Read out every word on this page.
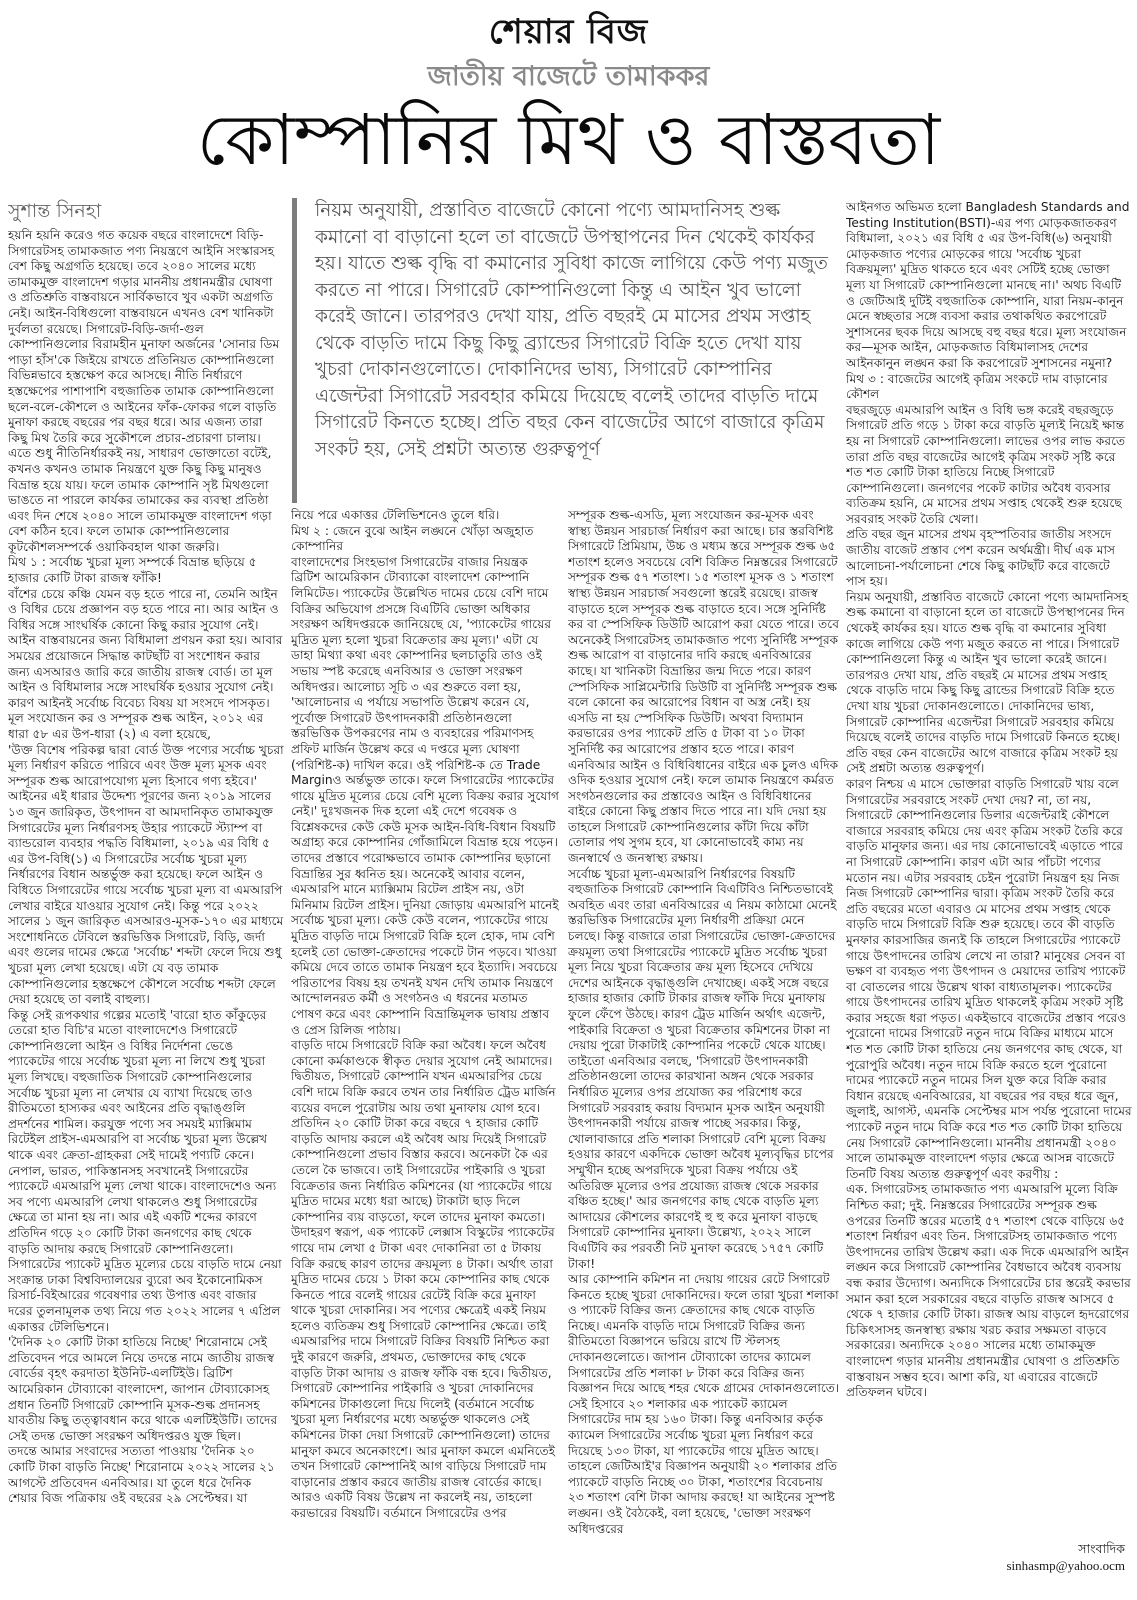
শেয়ার বিজ
জাতীয় বাজেটে তামাককর
কোম্পানির মিথ ও বাস্তবতা

সুশান্ত সিনহা

হয়নি হয়নি করেও গত কয়েক বছরে বাংলাদেশে বিড়ি-সিগারেটসহ তামাকজাত পণ্য নিয়ন্ত্রণে আইনি সংস্কারসহ বেশ কিছু অগ্রগতি হয়েছে। তবে ২০৪০ সালের মধ্যে তামাকমুক্ত বাংলাদেশ গড়ার মাননীয় প্রধানমন্ত্রীর ঘোষণা ও প্রতিশ্রুতি বাস্তবায়নে সার্বিকভাবে খুব একটা অগ্রগতি নেই। আইন-বিধিগুলো বাস্তবায়নে এখনও বেশ খানিকটা দুর্বলতা রয়েছে। সিগারেট-বিড়ি-জর্দা-গুল কোম্পানিগুলোর বিরামহীন মুনাফা অর্জনের 'সোনার ডিম পাড়া হাঁস'কে জিইয়ে রাখতে প্রতিনিয়ত কোম্পানিগুলো বিভিন্নভাবে হস্তক্ষেপ করে আসছে। নীতি নির্ধারণে হস্তক্ষেপের পাশাপাশি বহুজাতিক তামাক কোম্পানিগুলো ছলে-বলে-কৌশলে ও আইনের ফাঁক-ফোকর গলে বাড়তি মুনাফা করছে বছরের পর বছর ধরে। আর এজন্য তারা কিছু মিথ তৈরি করে সুকৌশলে প্রচার-প্রচারণা চালায়। এতে শুধু নীতিনির্ধারকই নয়, সাধারণ ভোক্তাতো বটেই, কখনও কখনও তামাক নিয়ন্ত্রণে যুক্ত কিছু কিছু মানুষও বিভ্রান্ত হয়ে যায়। ফলে তামাক কোম্পানি সৃষ্ট মিথগুলো ভাঙতে না পারলে কার্যকর তামাকের কর ব্যবস্থা প্রতিষ্ঠা এবং দিন শেষে ২০৪০ সালে তামাকমুক্ত বাংলাদেশ গড়া বেশ কঠিন হবে। ফলে তামাক কোম্পানিগুলোর কূটকৌশলসম্পর্কে ওয়াকিবহাল থাকা জরুরি।

মিথ ১ : সর্বোচ্চ খুচরা মূল্য সম্পর্কে বিভ্রান্ত ছড়িয়ে ৫ হাজার কোটি টাকা রাজস্ব ফাঁকি!

বাঁশের চেয়ে কঞ্চি যেমন বড় হতে পারে না, তেমনি আইন ও বিধির চেয়ে প্রজ্ঞাপন বড় হতে পারে না। আর আইন ও বিধির সঙ্গে সাংঘর্ষিক কোনো কিছু করার সুযোগ নেই। আইন বাস্তবায়নের জন্য বিধিমালা প্রণয়ন করা হয়। আবার সময়ের প্রয়োজনে সিদ্ধান্ত কাটছাঁট বা সংশোধন করার জন্য এসআরও জারি করে জাতীয় রাজস্ব বোর্ড। তা মূল আইন ও বিধিমালার সঙ্গে সাংঘর্ষিক হওয়ার সুযোগ নেই। কারণ আইনই সর্বোচ্চ বিবেচ্য বিষয় যা সংসদে পাসকৃত। মূল সংযোজন কর ও সম্পূরক শুল্ক আইন, ২০১২ এর ধারা ৫৮ এর উপ-ধারা (২) এ বলা হয়েছে,

'উক্ত বিশেষ পরিকল্প দ্বারা বোর্ড উক্ত পণ্যের সর্বোচ্চ খুচরা মূল্য নির্ধারণ করিতে পারিবে এবং উক্ত মূল্য মূসক এবং সম্পূরক শুল্ক আরোপযোগ্য মূল্য হিসাবে গণ্য হইবে।'

আইনের এই ধারার উদ্দেশ্য পূরণের জন্য ২০১৯ সালের ১৩ জুন জারিকৃত, উৎপাদন বা আমদানিকৃত তামাকযুক্ত সিগারেটের মূল্য নির্ধারণসহ উহার প্যাকেটে স্ট্যাম্প বা ব্যান্ডরোল ব্যবহার পদ্ধতি বিধিমালা, ২০১৯ এর বিধি ৫ এর উপ-বিধি(১) এ সিগারেটের সর্বোচ্চ খুচরা মূল্য নির্ধারণের বিধান অন্তর্ভুক্ত করা হয়েছে। ফলে আইন ও বিধিতে সিগারেটের গায়ে সর্বোচ্চ খুচরা মূল্য বা এমআরপি লেখার বাইরে যাওয়ার সুযোগ নেই। কিন্তু পরে ২০২২ সালের ১ জুন জারিকৃত এসআরও-মূসক-১৭০ এর মাধ্যমে সংশোধনিতে টেবিলে স্তরভিত্তিক সিগারেট, বিড়ি, জর্দা এবং গুলের দামের ক্ষেত্রে 'সর্বোচ্চ' শব্দটা ফেলে দিয়ে শুধু খুচরা মূল্য লেখা হয়েছে। এটা যে বড় তামাক কোম্পানিগুলোর হস্তক্ষেপে কৌশলে সর্বোচ্চ শব্দটা ফেলে দেয়া হয়েছে তা বলাই বাহুল্য।

কিন্তু সেই রূপকথার গল্পের মতোই 'বারো হাত কাঁকুড়ের তেরো হাত বিচি'র মতো বাংলাদেশেও সিগারেটে কোম্পানিগুলো আইন ও বিধির নির্দেশনা ভেঙে প্যাকেটের গায়ে সর্বোচ্চ খুচরা মূল্য না লিখে শুধু খুচরা মূল্য লিখছে। বহুজাতিক সিগারেট কোম্পানিগুলোর সর্বোচ্চ খুচরা মূল্য না লেখার যে ব্যাখা দিয়েছে তাও রীতিমতো হাস্যকর এবং আইনের প্রতি বৃদ্ধাঙ্গুলি প্রদর্শনের শামিল। করযুক্ত পণ্যে সব সময়ই ম্যাক্সিমাম রিটেইল প্রাইস-এমআরপি বা সর্বোচ্চ খুচরা মূল্য উল্লেখ থাকে এবং ক্রেতা-গ্রাহকরা সেই দামেই পণ্যটি কেনে। নেপাল, ভারত, পাকিস্তানসহ সবখানেই সিগারেটের প্যাকেটে এমআরপি মূল্য লেখা থাকে। বাংলাদেশেও অন্য সব পণ্যে এমআরপি লেখা থাকলেও শুধু সিগারেটের ক্ষেত্রে তা মানা হয় না। আর এই একটি শব্দের কারণে প্রতিদিন গড়ে ২০ কোটি টাকা জনগণের কাছ থেকে বাড়তি আদায় করছে সিগারেট কোম্পানিগুলো। সিগারেটের প্যাকেট মুদ্রিত মূল্যের চেয়ে বাড়তি দামে নেয়া সংক্রান্ত ঢাকা বিশ্ববিদ্যালয়ের ব্যুরো অব ইকোনোমিকস রিসার্চ-বিইআরের গবেষণার তথ্য উপাত্ত এবং বাজার দরের তুলনামূলক তথ্য নিয়ে গত ২০২২ সালের ৭ এপ্রিল একাত্তর টেলিভিশনে।

'দৈনিক ২০ কোটি টাকা হাতিয়ে নিচ্ছে' শিরোনামে সেই প্রতিবেদন পরে আমলে নিয়ে তদন্তে নামে জাতীয় রাজস্ব বোর্ডের বৃহৎ করদাতা ইউনিট-এলটিইউ। ব্রিটিশ আমেরিকান টোব্যাকো বাংলাদেশ, জাপান টোব্যাকোসহ প্রধান তিনটি সিগারেট কোম্পানি মূসক-শুল্ক প্রদানসহ যাবতীয় কিছু তত্ত্বাবধান করে থাকে এলটিইউটি। তাদের সেই তদন্ত ভোক্তা সংরক্ষণ অধিদপ্তরও যুক্ত ছিল।

তদন্তে আমার সংবাদের সত্যতা পাওয়ায় 'দৈনিক ২০ কোটি টাকা বাড়তি নিচ্ছে' শিরোনামে ২০২২ সালের ২১ আগস্টে প্রতিবেদন এনবিআর। যা তুলে ধরে দৈনিক শেয়ার বিজ পত্রিকায় ওই বছরের ২৯ সেপ্টেম্বর। যা

নিয়ম অনুযায়ী, প্রস্তাবিত বাজেটে কোনো পণ্যে আমদানিসহ শুল্ক কমানো বা বাড়ানো হলে তা বাজেটে উপস্থাপনের দিন থেকেই কার্যকর হয়। যাতে শুল্ক বৃদ্ধি বা কমানোর সুবিধা কাজে লাগিয়ে কেউ পণ্য মজুত করতে না পারে। সিগারেট কোম্পানিগুলো কিন্তু এ আইন খুব ভালো করেই জানে। তারপরও দেখা যায়, প্রতি বছরই মে মাসের প্রথম সপ্তাহ থেকে বাড়তি দামে কিছু কিছু ব্র্যান্ডের সিগারেট বিক্রি হতে দেখা যায় খুচরা দোকানগুলোতে। দোকানিদের ভাষ্য, সিগারেট কোম্পানির এজেন্টরা সিগারেট সরবহার কমিয়ে দিয়েছে বলেই তাদের বাড়তি দামে সিগারেট কিনতে হচ্ছে। প্রতি বছর কেন বাজেটের আগে বাজারে কৃত্রিম সংকট হয়, সেই প্রশ্নটা অত্যন্ত গুরুত্বপূর্ণ

নিয়ে পরে একাত্তর টেলিভিশনেও তুলে ধরি।

মিথ ২ : জেনে বুঝে আইন লঙ্ঘনে খোঁড়া অজুহাত কোম্পানির

বাংলাদেশের সিংহভাগ সিগারেটের বাজার নিয়ন্ত্রক ব্রিটিশ আমেরিকান টোব্যাকো বাংলাদেশ কোম্পানি লিমিটেড। প্যাকেটের উল্লেখিত দামের চেয়ে বেশি দামে বিক্রির অভিযোগ প্রসঙ্গে বিএটিবি ভোক্তা অধিকার সংরক্ষণ অধিদপ্তরকে জানিয়েছে যে, 'প্যাকেটের গায়ের মুদ্রিত মূল্য হলো খুচরা বিক্রেতার ক্রয় মূল্য।' এটা যে ডাহা মিথ্যা কথা এবং কোম্পানির ছলচাতুরি তাও ওই সভায় স্পষ্ট করেছে এনবিআর ও ভোক্তা সংরক্ষণ অধিদপ্তর। আলোচ্য সূচি ৩ এর শুরুতে বলা হয়, 'আলোচনার এ পর্যায়ে সভাপতি উল্লেখ করেন যে, পূর্বোক্ত সিগারেট উৎপাদনকারী প্রতিষ্ঠানগুলো স্তরভিত্তিক উপকরণের নাম ও ব্যবহারের পরিমাণসহ প্রফিট মার্জিন উল্লেখ করে এ দপ্তরে মূল্য ঘোষণা (পরিশিষ্ট-ক) দাখিল করে। ওই পরিশিষ্ট-ক তে Trade Marginও অর্ন্তভুক্ত তাকে। ফলে সিগারেটের প্যাকেটের গায়ে মুদ্রিত মূল্যের চেয়ে বেশি মূল্যে বিক্রয় করার সুযোগ নেই।' দুঃখজনক দিক হলো এই দেশে গবেষক ও বিশ্লেষকদের কেউ কেউ মূসক আইন-বিধি-বিধান বিষয়টি অগ্রাহ্য করে কোম্পানির গোঁজামিলে বিভ্রান্ত হয়ে পড়েন। তাদের প্রস্তাবে পরোক্ষভাবে তামাক কোম্পানির ছড়ানো বিভ্রান্তির সুর ধ্বনিত হয়। অনেকেই আবার বলেন, এমআরপি মানে ম্যাক্সিমাম রিটেল প্রাইস নয়, ওটা মিনিমাম রিটেল প্রাইস। দুনিয়া জোড়ায় এমআরপি মানেই সর্বোচ্চ খুচরা মূল্য। কেউ কেউ বলেন, প্যাকেটের গায়ে মুদ্রিত বাড়তি দামে সিগারেট বিক্রি হলে হোক, দাম বেশি হলেই তো ভোক্তা-ক্রেতাদের পকেটে টান পড়বে। খাওয়া কমিয়ে দেবে তাতে তামাক নিয়ন্ত্রণ হবে ইত্যাদি। সবচেয়ে পরিতাপের বিষয় হয় তখনই যখন দেখি তামাক নিয়ন্ত্রণে আন্দোলনরত কর্মী ও সংগঠনও এ ধরনের মতামত পোষণ করে এবং কোম্পানি বিভ্রান্তিমূলক ভাষায় প্রস্তাব ও প্রেস রিলিজ পাঠায়।

বাড়তি দামে সিগারেটে বিক্রি করা অবৈধ। ফলে অবৈধ কোনো কর্মকাণ্ডকে স্বীকৃত দেয়ার সুযোগ নেই আমাদের। দ্বিতীয়ত, সিগারেট কোম্পানি যখন এমআরপির চেয়ে বেশি দামে বিক্রি করবে তখন তার নির্ধারিত ট্রেড মার্জিন ব্যয়ের বদলে পুরোটায় আয় তথা মুনাফায় যোগ হবে। প্রতিদিন ২০ কোটি টাকা করে বছরে ৭ হাজার কোটি বাড়তি আদায় করলে এই অবৈধ আয় দিয়েই সিগারেট কোম্পানিগুলো প্রভাব বিস্তার করবে। অনেকটা কৈ এর তেলে কৈ ভাজবে। তাই সিগারেটের পাইকারি ও খুচরা বিক্রেতার জন্য নির্ধারিত কমিশনের (যা প্যাকেটের গায়ে মুদ্রিত দামের মধ্যে ধরা আছে) টাকাটা ছাড় দিলে কোম্পানির ব্যয় বাড়তো, ফলে তাদের মুনাফা কমতো। উদাহরণ স্বরূপ, এক প্যাকেট লেক্সাস বিস্কুটের প্যাকেটের গায়ে দাম লেখা ৫ টাকা এবং দোকানিরা তা ৫ টাকায় বিক্রি করছে কারণ তাদের ক্রয়মূল্য ৪ টাকা। অর্থাৎ তারা মুদ্রিত দামের চেয়ে ১ টাকা কমে কোম্পানির কাছ থেকে কিনতে পারে বলেই গায়ের রেটেই বিক্রি করে মুনাফা থাকে খুচরা দোকানির। সব পণ্যের ক্ষেত্রেই একই নিয়ম হলেও ব্যতিক্রম শুধু সিগারেট কোম্পানির ক্ষেত্রে। তাই এমআরপির দামে সিগারেট বিক্রির বিষয়টি নিশ্চিত করা দুই কারণে জরুরি, প্রথমত, ভোক্তাদের কাছ থেকে বাড়তি টাকা আদায় ও রাজস্ব ফাঁকি বন্ধ হবে। দ্বিতীয়ত, সিগারেট কোম্পানির পাইকারি ও খুচরা দোকানিদের কমিশনের টাকাগুলো দিয়ে দিলেই (বর্তমানে সর্বোচ্চ খুচরা মূল্য নির্ধারণের মধ্যে অন্তর্ভুক্ত থাকলেও সেই কমিশনের টাকা দেয়া সিগারেট কোম্পানিগুলো) তাদের মানুফা কমবে অনেকাংশে। আর মুনাফা কমলে এমনিতেই তখন সিগারেট কোম্পানিই আগ বাড়িয়ে সিগারেট দাম বাড়ানোর প্রস্তাব করবে জাতীয় রাজস্ব বোর্ডের কাছে।

আরও একটি বিষয় উল্লেখ না করলেই নয়, তাহলো করভারের বিষয়টি। বর্তমানে সিগারেটের ওপর

সম্পূরক শুল্ক-এসডি, মূল্য সংযোজন কর-মূসক এবং স্বাস্থ্য উন্নয়ন সারচার্জ নির্ধারণ করা আছে। চার স্তরবিশিষ্ট সিগারেটে প্রিমিয়াম, উচ্চ ও মধ্যম স্তরে সম্পূরক শুল্ক ৬৫ শতাংশ হলেও সবচেয়ে বেশি বিক্রিত নিম্নস্তরের সিগারেটে সম্পূরক শুল্ক ৫৭ শতাংশ। ১৫ শতাংশ মূসক ও ১ শতাংশ স্বাস্থ্য উন্নয়ন সারচার্জ সবগুলো স্তরেই রয়েছে। রাজস্ব বাড়াতে হলে সম্পূরক শুল্ক বাড়াতে হবে। সঙ্গে সুনির্দিষ্ট কর বা স্পেসিফিক ডিউটি আরোপ করা যেতে পারে। তবে অনেকেই সিগারেটসহ তামাকজাত পণ্যে সুনির্দিষ্ট সম্পূরক শুল্ক আরোপ বা বাড়ানোর দাবি করছে এনবিআরের কাছে। যা খানিকটা বিভ্রান্তির জন্ম দিতে পরে। কারণ স্পেসিফিক সাপ্লিমেন্টারি ডিউটি বা সুনির্দিষ্ট সম্পূরক শুল্ক বলে কোনো কর আরোপের বিধান বা অস্ত্র নেই। হয় এসডি না হয় স্পেসিফিক ডিউটি। অথবা বিদ্যামান করভারের ওপর প্যাকেট প্রতি ৫ টাকা বা ১০ টাকা সুনির্দিষ্ট কর আরোপের প্রস্তাব হতে পারে। কারণ এনবিআর আইন ও বিধিবিধানের বাইরে এক চুলও এদিক ওদিক হওয়ার সুযোগ নেই। ফলে তামাক নিয়ন্ত্রণে কর্মরত সংগঠনগুলোর কর প্রস্তাবেও আইন ও বিধিবিধানের বাইরে কোনো কিছু প্রস্তাব দিতে পারে না। যদি দেয়া হয় তাহলে সিগারেট কোম্পানিগুলোর কাঁটা দিয়ে কাঁটা তোলার পথ সুগম হবে, যা কোনোভাবেই কাম্য নয় জনস্বার্থে ও জনস্বাস্থ্য রক্ষায়।

সর্বোচ্চ খুচরা মূল্য-এমআরপি নির্ধারণের বিষয়টি বহুজাতিক সিগারেট কোম্পানি বিএটিবিও নিশ্চিতভাবেই অবহিত এবং তারা এনবিআরের এ নিয়ম কাঠামো মেনেই স্তরভিত্তিক সিগারেটের মূল্য নির্ধারণী প্রক্রিয়া মেনে চলছে। কিন্তু বাজারে তারা সিগারেটের ভোক্তা-ক্রেতাদের ক্রয়মূল্য তথা সিগারেটের প্যাকেটে মুদ্রিত সর্বোচ্চ খুচরা মূল্য নিয়ে খুচরা বিক্রেতার ক্রয় মূল্য হিসেবে দেখিয়ে দেশের আইনকে বৃদ্ধাঙ্গুলি দেখাচ্ছে। একই সঙ্গে বছরে হাজার হাজার কোটি টাকার রাজস্ব ফাঁকি দিয়ে মুনাফায় ফুলে ফেঁপে উঠছে। কারণ ট্রেড মার্জিন অর্থাৎ এজেন্ট, পাইকারি বিক্রেতা ও খুচরা বিক্রেতার কমিশনের টাকা না দেয়ায় পুরো টাকাটাই কোম্পানির পকেটে থেকে যাচ্ছে। তাইতো এনবিআর বলছে, 'সিগারেট উৎপাদনকারী প্রতিষ্ঠানগুলো তাদের কারখানা অঙ্গন থেকে সরকার নির্ধারিত মূল্যের ওপর প্রযোজ্য কর পরিশোধ করে সিগারেট সরবরাহ করায় বিদ্যমান মূসক আইন অনুযায়ী উৎপাদনকারী পর্যায়ে রাজস্ব পাচ্ছে সরকার। কিন্তু, খোলাবাজারে প্রতি শলাকা সিগারেট বেশি মূল্যে বিক্রয় হওয়ার কারণে একদিকে ভোক্তা অবৈধ মূল্যবৃদ্ধির চাপের সম্মুখীন হচ্ছে অপরদিকে খুচরা বিক্রয় পর্যায়ে ওই অতিরিক্ত মূল্যের ওপর প্রযোজ্য রাজস্ব থেকে সরকার বঞ্চিত হচ্ছে।' আর জনগণের কাছ থেকে বাড়তি মূল্য আদায়ের কৌশলের কারণেই হু হু করে মুনাফা বাড়ছে সিগারেট কোম্পানির মুনাফা। উল্লেখ্য, ২০২২ সালে বিএটিবি কর পরবর্তী নিট মুনাফা করেছে ১৭৫৭ কোটি টাকা!

আর কোম্পানি কমিশন না দেয়ায় গায়ের রেটে সিগারেট কিনতে হচ্ছে খুচরা দোকানিদের। ফলে তারা খুচরা শলাকা ও প্যাকেট বিক্রির জন্য ক্রেতাদের কাছ থেকে বাড়তি নিচ্ছে। এমনকি বাড়তি দামে সিগারেট বিক্রির জন্য রীতিমতো বিজ্ঞাপনে ভরিয়ে রাখে টি স্টলসহ দোকানগুলোতে। জাপান টোব্যাকো তাদের ক্যামেল সিগারেটের প্রতি শলাকা ৮ টাকা করে বিক্রির জন্য বিজ্ঞাপন দিয়ে আছে শহর থেকে গ্রামের দোকানগুলোতে। সেই হিসাবে ২০ শলাকার এক প্যাকেট ক্যামেল সিগারেটের দাম হয় ১৬০ টাকা। কিন্তু এনবিআর কর্তৃক ক্যামেল সিগারেটের সর্বোচ্চ খুচরা মূল্য নির্ধারণ করে দিয়েছে ১৩০ টাকা, যা প্যাকেটের গায়ে মুদ্রিত আছে। তাহলে জেটিআই'র বিজ্ঞাপন অনুযায়ী ২০ শলাকার প্রতি প্যাকেটে বাড়তি নিচ্ছে ৩০ টাকা, শতাংশের বিবেচনায় ২৩ শতাংশ বেশি টাকা আদায় করছে! যা আইনের সুস্পষ্ট লঙ্ঘন। ওই বৈঠকেই, বলা হয়েছে, 'ভোক্তা সংরক্ষণ অধিদপ্তরের

আইনগত অভিমত হলো Bangladesh Standards and Testing Institution(BSTI)-এর পণ্য মোড়কজাতকরণ বিধিমালা, ২০২১ এর বিধি ৫ এর উপ-বিধি(৬) অনুযায়ী মোড়কজাত পণ্যের মোড়কের গায়ে 'সর্বোচ্চ খুচরা বিক্রয়মূল্য' মুদ্রিত থাকতে হবে এবং সেটিই হচ্ছে ভোক্তা মূল্য যা সিগারেট কোম্পানিগুলো মানছে না।' অথচ বিএটি ও জেটিআই দুটিই বহুজাতিক কোম্পানি, যারা নিয়ম-কানুন মেনে স্বচ্ছতার সঙ্গে ব্যবসা করার তথাকথিত করপোরেট সুশাসনের ছবক দিয়ে আসছে বহু বছর ধরে। মূল্য সংযোজন কর—মূসক আইন, মোড়কজাত বিধিমালাসহ দেশের আইনকানুন লঙ্ঘন করা কি করপোরেট সুশাসনের নমুনা?

মিথ ৩ : বাজেটের আগেই কৃত্রিম সংকটে দাম বাড়ানোর কৌশল

বছরজুড়ে এমআরপি আইন ও বিধি ভঙ্গ করেই বছরজুড়ে সিগারেট প্রতি গড়ে ১ টাকা করে বাড়তি মূল্যই নিয়েই ক্ষান্ত হয় না সিগারেট কোম্পানিগুলো। লাভের ওপর লাভ করতে তারা প্রতি বছর বাজেটের আগেই কৃত্রিম সংকট সৃষ্টি করে শত শত কোটি টাকা হাতিয়ে নিচ্ছে সিগারেট কোম্পানিগুলো। জনগণের পকেট কাটার অবৈধ ব্যবসার ব্যতিক্রম হয়নি, মে মাসের প্রথম সপ্তাহ থেকেই শুরু হয়েছে সরবরাহ সংকট তৈরি খেলা।

প্রতি বছর জুন মাসের প্রথম বৃহস্পতিবার জাতীয় সংসদে জাতীয় বাজেট প্রস্তাব পেশ করেন অর্থমন্ত্রী। দীর্ঘ এক মাস আলোচনা-পর্যালোচনা শেষে কিছু কাটছাঁট করে বাজেটে পাস হয়।

নিয়ম অনুযায়ী, প্রস্তাবিত বাজেটে কোনো পণ্যে আমদানিসহ শুল্ক কমানো বা বাড়ানো হলে তা বাজেটে উপস্থাপনের দিন থেকেই কার্যকর হয়। যাতে শুল্ক বৃদ্ধি বা কমানোর সুবিধা কাজে লাগিয়ে কেউ পণ্য মজুত করতে না পারে। সিগারেট কোম্পানিগুলো কিন্তু এ আইন খুব ভালো করেই জানে। তারপরও দেখা যায়, প্রতি বছরই মে মাসের প্রথম সপ্তাহ থেকে বাড়তি দামে কিছু কিছু ব্রান্ডের সিগারেট বিক্রি হতে দেখা যায় খুচরা দোকানগুলোতে। দোকানিদের ভাষ্য, সিগারেট কোম্পানির এজেন্টরা সিগারেট সরবহার কমিয়ে দিয়েছে বলেই তাদের বাড়তি দামে সিগারেট কিনতে হচ্ছে। প্রতি বছর কেন বাজেটের আগে বাজারে কৃত্রিম সংকট হয় সেই প্রশ্নটা অত্যন্ত গুরুত্বপূর্ণ।

কারণ নিশ্চয় এ মাসে ভোক্তারা বাড়তি সিগারেট খায় বলে সিগারেটের সরবরাহে সংকট দেখা দেয়? না, তা নয়, সিগারেটে কোম্পানিগুলোর ডিলার এজেন্টরাই কৌশলে বাজারে সরবরাহ কমিয়ে দেয় এবং কৃত্রিম সংকট তৈরি করে বাড়তি মানুফার জন্য। এর দায় কোনোভাবেই এড়াতে পারে না সিগারেট কোম্পানি। কারণ এটা আর পাঁচটা পণ্যের মতোন নয়। এটার সরবরাহ চেইন পুরোটা নিয়ন্ত্রণ হয় নিজ নিজ সিগারেট কোম্পানির দ্বারা। কৃত্রিম সংকট তৈরি করে প্রতি বছরের মতো এবারও মে মাসের প্রথম সপ্তাহ থেকে বাড়তি দামে সিগারেট বিক্রি শুরু হয়েছে। তবে কী বাড়তি মুনফার কারসাজির জন্যই কি তাহলে সিগারেটের প্যাকেটে গায়ে উৎপাদনের তারিখ লেখে না তারা? মানুষের সেবন বা ভক্ষণ বা ব্যবহৃত পণ্য উৎপাদন ও মেয়াদের তারিখ প্যাকেট বা বোতলের গায়ে উল্লেখ থাকা বাধ্যতামূলক। প্যাকেটের গায়ে উৎপাদনের তারিখ মুদ্রিত থাকলেই কৃত্রিম সংকট সৃষ্টি করার সহজে ধরা পড়ত। একইভাবে বাজেটের প্রস্তাব পরেও পুরোনো দামের সিগারেট নতুন দামে বিক্রির মাধ্যমে মাসে শত শত কোটি টাকা হাতিয়ে নেয় জনগণের কাছ থেকে, যা পুরোপুরি অবৈধ। নতুন দামে বিক্রি করতে হলে পুরোনো দামের প্যাকেটে নতুন দামের সিল যুক্ত করে বিক্রি করার বিধান রয়েছে এনবিআরের, যা বছরের পর বছর ধরে জুন, জুলাই, আগস্ট, এমনকি সেপ্টেম্বর মাস পর্যন্ত পুরোনো দামের প্যাকেট নতুন দামে বিক্রি করে শত শত কোটি টাকা হাতিয়ে নেয় সিগারেট কোম্পানিগুলো। মাননীয় প্রধানমন্ত্রী ২০৪০ সালে তামাকমুক্ত বাংলাদেশ গড়ার ক্ষেত্রে আসন্ন বাজেটে তিনটি বিষয় অত্যন্ত গুরুত্বপূর্ণ এবং করণীয় :

এক. সিগারেটসহ তামাকজাত পণ্য এমআরপি মূল্যে বিক্রি নিশ্চিত করা; দুই. নিম্নস্তরের সিগারেটের সম্পূরক শুল্ক ওপরের তিনটি স্তরের মতোই ৫৭ শতাংশ থেকে বাড়িয়ে ৬৫ শতাংশ নির্ধারণ এবং তিন. সিগারেটসহ তামাকজাত পণ্যে উৎপাদনের তারিখ উল্লেখ করা। এক দিকে এমআরপি আইন লঙ্ঘন করে সিগারেট কোম্পানির বৈধভাবে অবৈধ ব্যবসায় বন্ধ করার উদ্যোগ। অন্যদিকে সিগারেটের চার স্তরেই করভার সমান করা হলে সরকারের বছরে বাড়তি রাজস্ব আসবে ৫ থেকে ৭ হাজার কোটি টাকা। রাজস্ব আয় বাড়লে হৃদরোগের চিকিৎসাসহ জনস্বাস্থ্য রক্ষায় খরচ করার সক্ষমতা বাড়বে সরকারের। অন্যদিকে ২০৪০ সালের মধ্যে তামাকমুক্ত বাংলাদেশ গড়ার মাননীয় প্রধানমন্ত্রীর ঘোষণা ও প্রতিশ্রুতি বাস্তবায়ন সম্ভব হবে। আশা করি, যা এবারের বাজেটে প্রতিফলন ঘটবে।

সাংবাদিক
sinhasmp@yahoo.ocm
